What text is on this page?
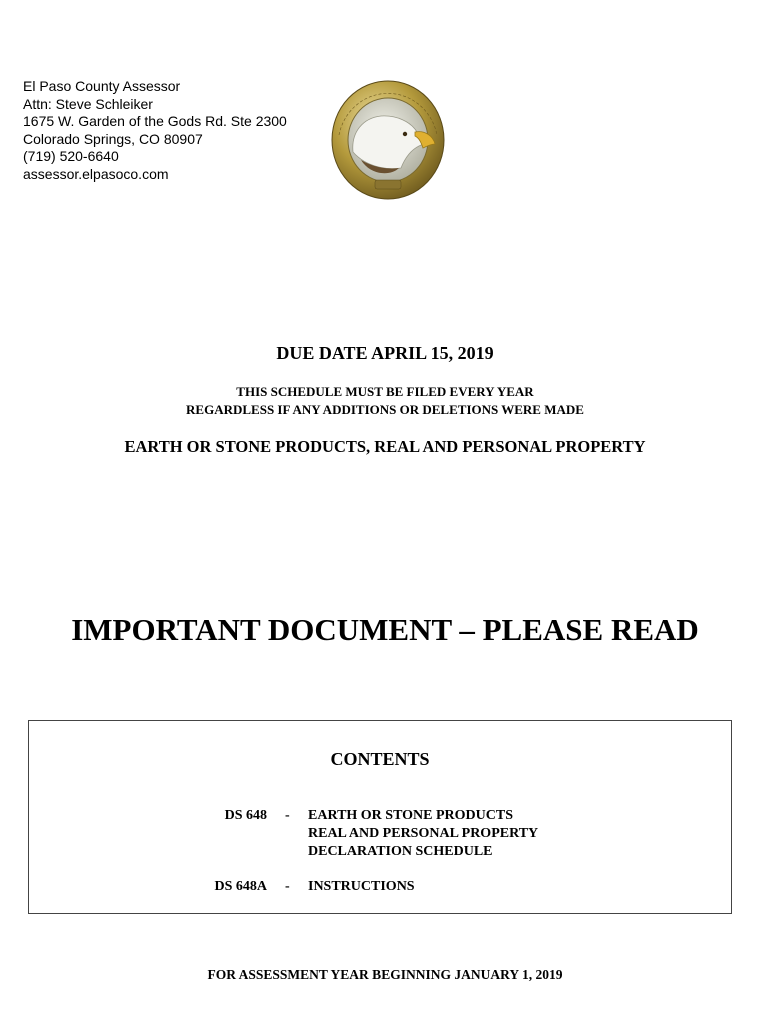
El Paso County Assessor
Attn: Steve Schleiker
1675 W. Garden of the Gods Rd. Ste 2300
Colorado Springs, CO 80907
(719) 520-6640
assessor.elpasoco.com
DUE DATE APRIL 15, 2019
THIS SCHEDULE MUST BE FILED EVERY YEAR
REGARDLESS IF ANY ADDITIONS OR DELETIONS WERE MADE
EARTH OR STONE PRODUCTS, REAL AND PERSONAL PROPERTY
IMPORTANT DOCUMENT – PLEASE READ
CONTENTS
DS 648 - EARTH OR STONE PRODUCTS
REAL AND PERSONAL PROPERTY
DECLARATION SCHEDULE
DS 648A - INSTRUCTIONS
FOR ASSESSMENT YEAR BEGINNING JANUARY 1, 2019
